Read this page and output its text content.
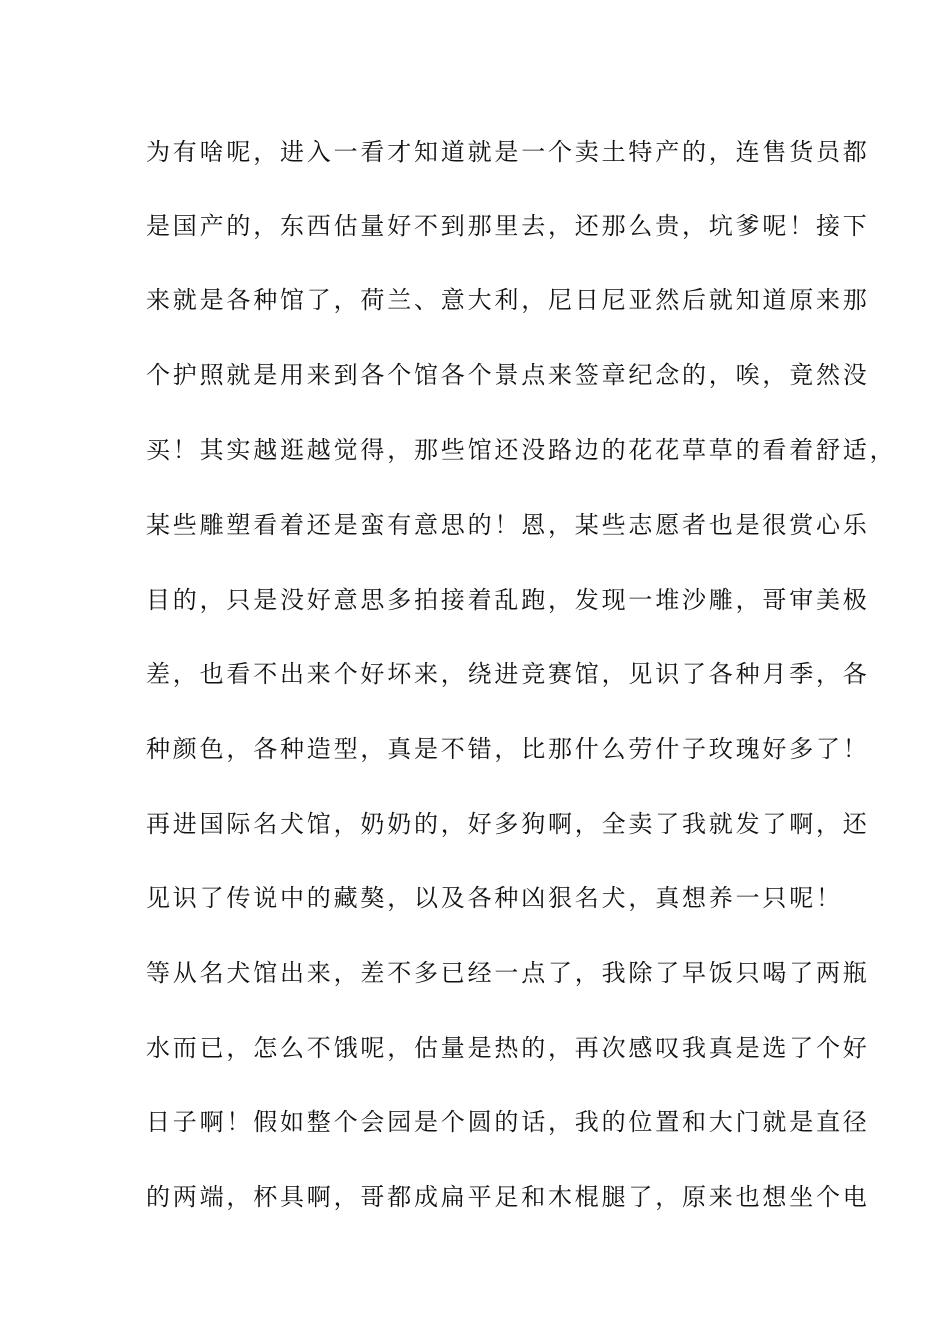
为有啥呢，进入一看才知道就是一个卖土特产的，连售货员都
是国产的，东西估量好不到那里去，还那么贵，坑爹呢！接下
来就是各种馆了，荷兰、意大利，尼日尼亚然后就知道原来那
个护照就是用来到各个馆各个景点来签章纪念的，唉，竟然没
买！其实越逛越觉得，那些馆还没路边的花花草草的看着舒适，
某些雕塑看着还是蛮有意思的！恩，某些志愿者也是很赏心乐
目的，只是没好意思多拍接着乱跑，发现一堆沙雕，哥审美极
差，也看不出来个好坏来，绕进竞赛馆，见识了各种月季，各
种颜色，各种造型，真是不错，比那什么劳什子玫瑰好多了！
再进国际名犬馆，奶奶的，好多狗啊，全卖了我就发了啊，还
见识了传说中的藏獒，以及各种凶狠名犬，真想养一只呢！
等从名犬馆出来，差不多已经一点了，我除了早饭只喝了两瓶
水而已，怎么不饿呢，估量是热的，再次感叹我真是选了个好
日子啊！假如整个会园是个圆的话，我的位置和大门就是直径
的两端，杯具啊，哥都成扁平足和木棍腿了，原来也想坐个电
